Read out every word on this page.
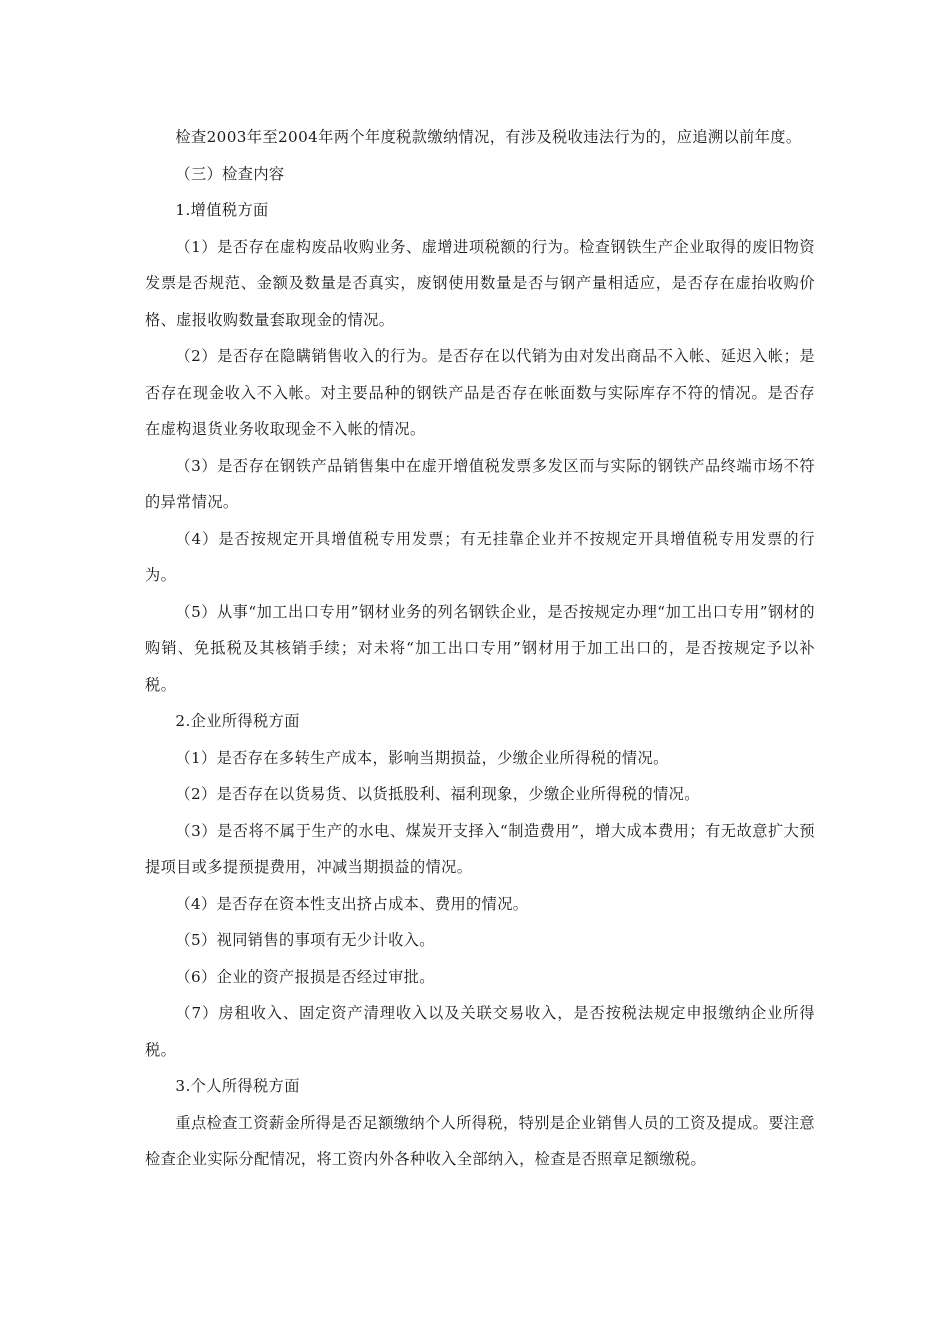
检查2003年至2004年两个年度税款缴纳情况，有涉及税收违法行为的，应追溯以前年度。

（三）检查内容

1.增值税方面

（1）是否存在虚构废品收购业务、虚增进项税额的行为。检查钢铁生产企业取得的废旧物资发票是否规范、金额及数量是否真实，废钢使用数量是否与钢产量相适应，是否存在虚抬收购价格、虚报收购数量套取现金的情况。

（2）是否存在隐瞒销售收入的行为。是否存在以代销为由对发出商品不入帐、延迟入帐；是否存在现金收入不入帐。对主要品种的钢铁产品是否存在帐面数与实际库存不符的情况。是否存在虚构退货业务收取现金不入帐的情况。

（3）是否存在钢铁产品销售集中在虚开增值税发票多发区而与实际的钢铁产品终端市场不符的异常情况。

（4）是否按规定开具增值税专用发票；有无挂靠企业并不按规定开具增值税专用发票的行为。

（5）从事“加工出口专用”钢材业务的列名钢铁企业，是否按规定办理“加工出口专用”钢材的购销、免抵税及其核销手续；对未将“加工出口专用”钢材用于加工出口的，是否按规定予以补税。

2.企业所得税方面

（1）是否存在多转生产成本，影响当期损益，少缴企业所得税的情况。

（2）是否存在以货易货、以货抵股利、福利现象，少缴企业所得税的情况。

（3）是否将不属于生产的水电、煤炭开支择入“制造费用”，增大成本费用；有无故意扩大预提项目或多提预提费用，冲减当期损益的情况。

（4）是否存在资本性支出挤占成本、费用的情况。

（5）视同销售的事项有无少计收入。

（6）企业的资产报损是否经过审批。

（7）房租收入、固定资产清理收入以及关联交易收入，是否按税法规定申报缴纳企业所得税。

3.个人所得税方面

重点检查工资薪金所得是否足额缴纳个人所得税，特别是企业销售人员的工资及提成。要注意检查企业实际分配情况，将工资内外各种收入全部纳入，检查是否照章足额缴税。
